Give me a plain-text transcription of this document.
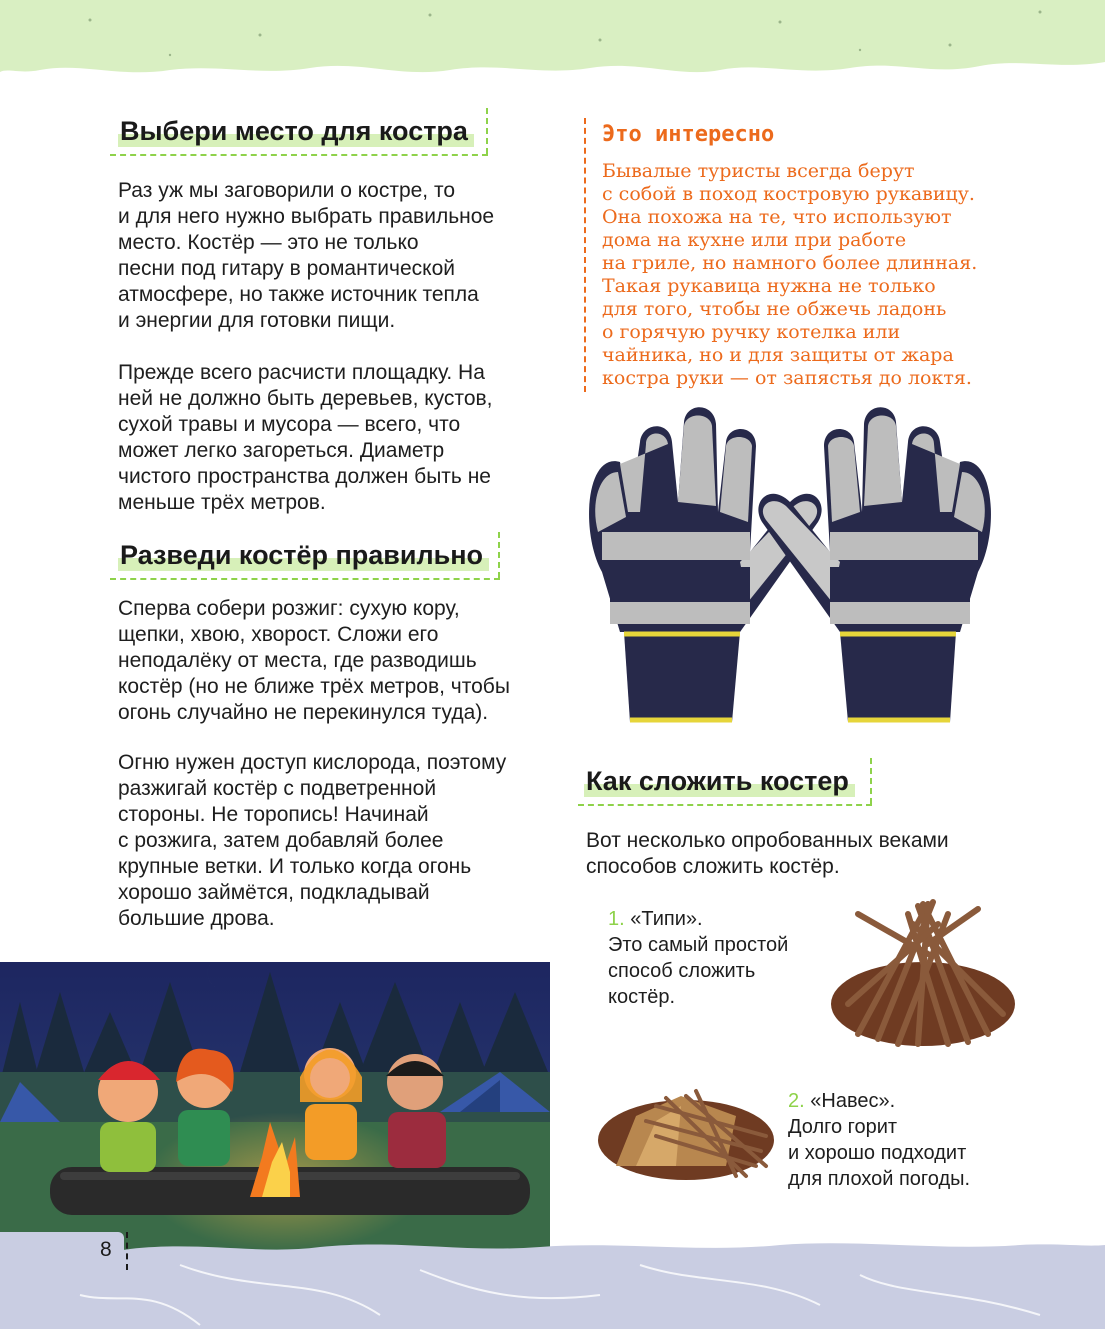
Выбери место для костра

Раз уж мы заговорили о костре, то

и для него нужно выбрать правильное

место. Костёр — это не только

песни под гитару в романтической

атмосфере, но также источник тепла

и энергии для готовки пищи.

Прежде всего расчисти площадку. На

ней не должно быть деревьев, кустов,

сухой травы и мусора — всего, что

может легко загореться. Диаметр

чистого пространства должен быть не

меньше трёх метров.

Разведи костёр правильно

Сперва собери розжиг: сухую кору,

щепки, хвою, хворост. Сложи его

неподалёку от места, где разводишь

костёр (но не ближе трёх метров, чтобы

огонь случайно не перекинулся туда).

Огню нужен доступ кислорода, поэтому

разжигай костёр с подветренной

стороны. Не торопись! Начинай

с розжига, затем добавляй более

крупные ветки. И только когда огонь

хорошо займётся, подкладывай

большие дрова.

8
Это интересно

Бывалые туристы всегда берут

с собой в поход костровую рукавицу.

Она похожа на те, что используют

дома на кухне или при работе

на гриле, но намного более длинная.

Такая рукавица нужна не только

для того, чтобы не обжечь ладонь

о горячую ручку котелка или

чайника, но и для защиты от жара

костра руки — от запястья до локтя.

Как сложить костер

Вот несколько опробованных веками

способов сложить костёр.

1. «Типи».

Это самый простой

способ сложить

костёр.

2. «Навес».

Долго горит

и хорошо подходит

для плохой погоды.
